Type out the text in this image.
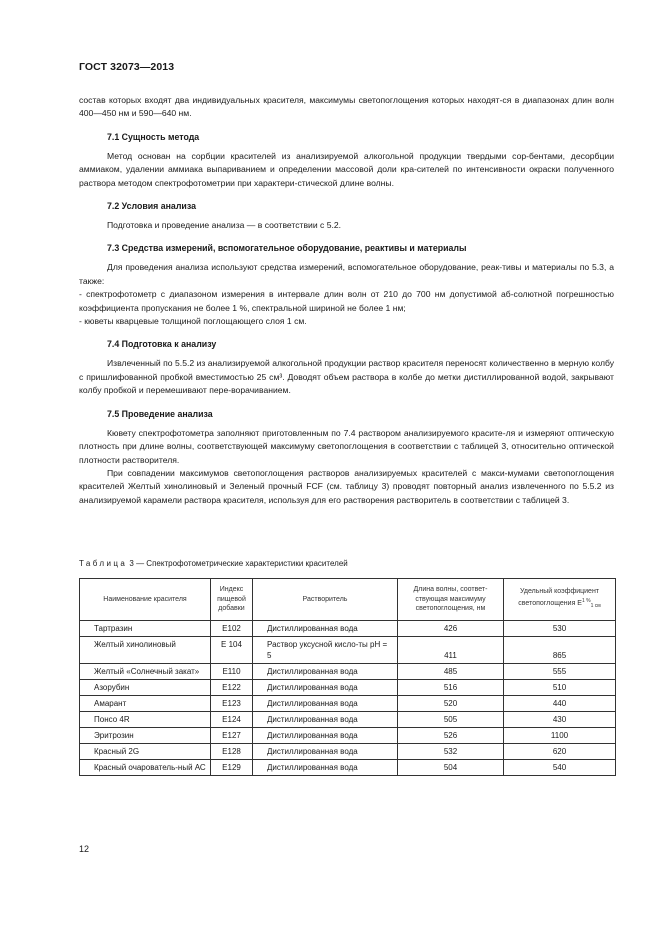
ГОСТ 32073—2013

состав которых входят два индивидуальных красителя, максимумы светопоглощения которых находят-ся в диапазонах длин волн 400—450 нм и 590—640 нм.

7.1 Сущность метода

Метод основан на сорбции красителей из анализируемой алкогольной продукции твердыми сор-бентами, десорбции аммиаком, удалении аммиака выпариванием и определении массовой доли кра-сителей по интенсивности окраски полученного раствора методом спектрофотометрии при характери-стической длине волны.

7.2 Условия анализа

Подготовка и проведение анализа — в соответствии с 5.2.

7.3 Средства измерений, вспомогательное оборудование, реактивы и материалы

Для проведения анализа используют средства измерений, вспомогательное оборудование, реак-тивы и материалы по 5.3, а также:

- спектрофотометр с диапазоном измерения в интервале длин волн от 210 до 700 нм допустимой аб-солютной погрешностью коэффициента пропускания не более 1 %, спектральной шириной не более 1 нм;

- кюветы кварцевые толщиной поглощающего слоя 1 см.

7.4 Подготовка к анализу

Извлеченный по 5.5.2 из анализируемой алкогольной продукции раствор красителя переносят количественно в мерную колбу с пришлифованной пробкой вместимостью 25 см³. Доводят объем раствора в колбе до метки дистиллированной водой, закрывают колбу пробкой и перемешивают пере-ворачиванием.

7.5 Проведение анализа

Кювету спектрофотометра заполняют приготовленным по 7.4 раствором анализируемого красите-ля и измеряют оптическую плотность при длине волны, соответствующей максимуму светопоглощения в соответствии с таблицей 3, относительно оптической плотности растворителя.

При совпадении максимумов светопоглощения растворов анализируемых красителей с макси-мумами светопоглощения красителей Желтый хинолиновый и Зеленый прочный FCF (см. таблицу 3) проводят повторный анализ извлеченного по 5.5.2 из анализируемой карамели раствора красителя, используя для его растворения растворитель в соответствии с таблицей 3.

Таблица 3 — Спектрофотометрические характеристики красителей
Наименование красителя	Индекс пищевой добавки	Растворитель	Длина волны, соответ-ствующая максимуму светопоглощения, нм	Удельный коэффициент светопоглощения $E^{1 \%}_{1 см}$
Тартразин	E102	Дистиллированная вода	426	530
Желтый хинолиновый	E 104	Раствор уксусной кисло-ты pH = 5	411	865
Желтый «Солнечный закат»	E110	Дистиллированная вода	485	555
Азорубин	E122	Дистиллированная вода	516	510
Амарант	E123	Дистиллированная вода	520	440
Понсо 4R	E124	Дистиллированная вода	505	430
Эритрозин	E127	Дистиллированная вода	526	1100
Красный 2G	E128	Дистиллированная вода	532	620
Красный очарователь-ный АС	E129	Дистиллированная вода	504	540
12
